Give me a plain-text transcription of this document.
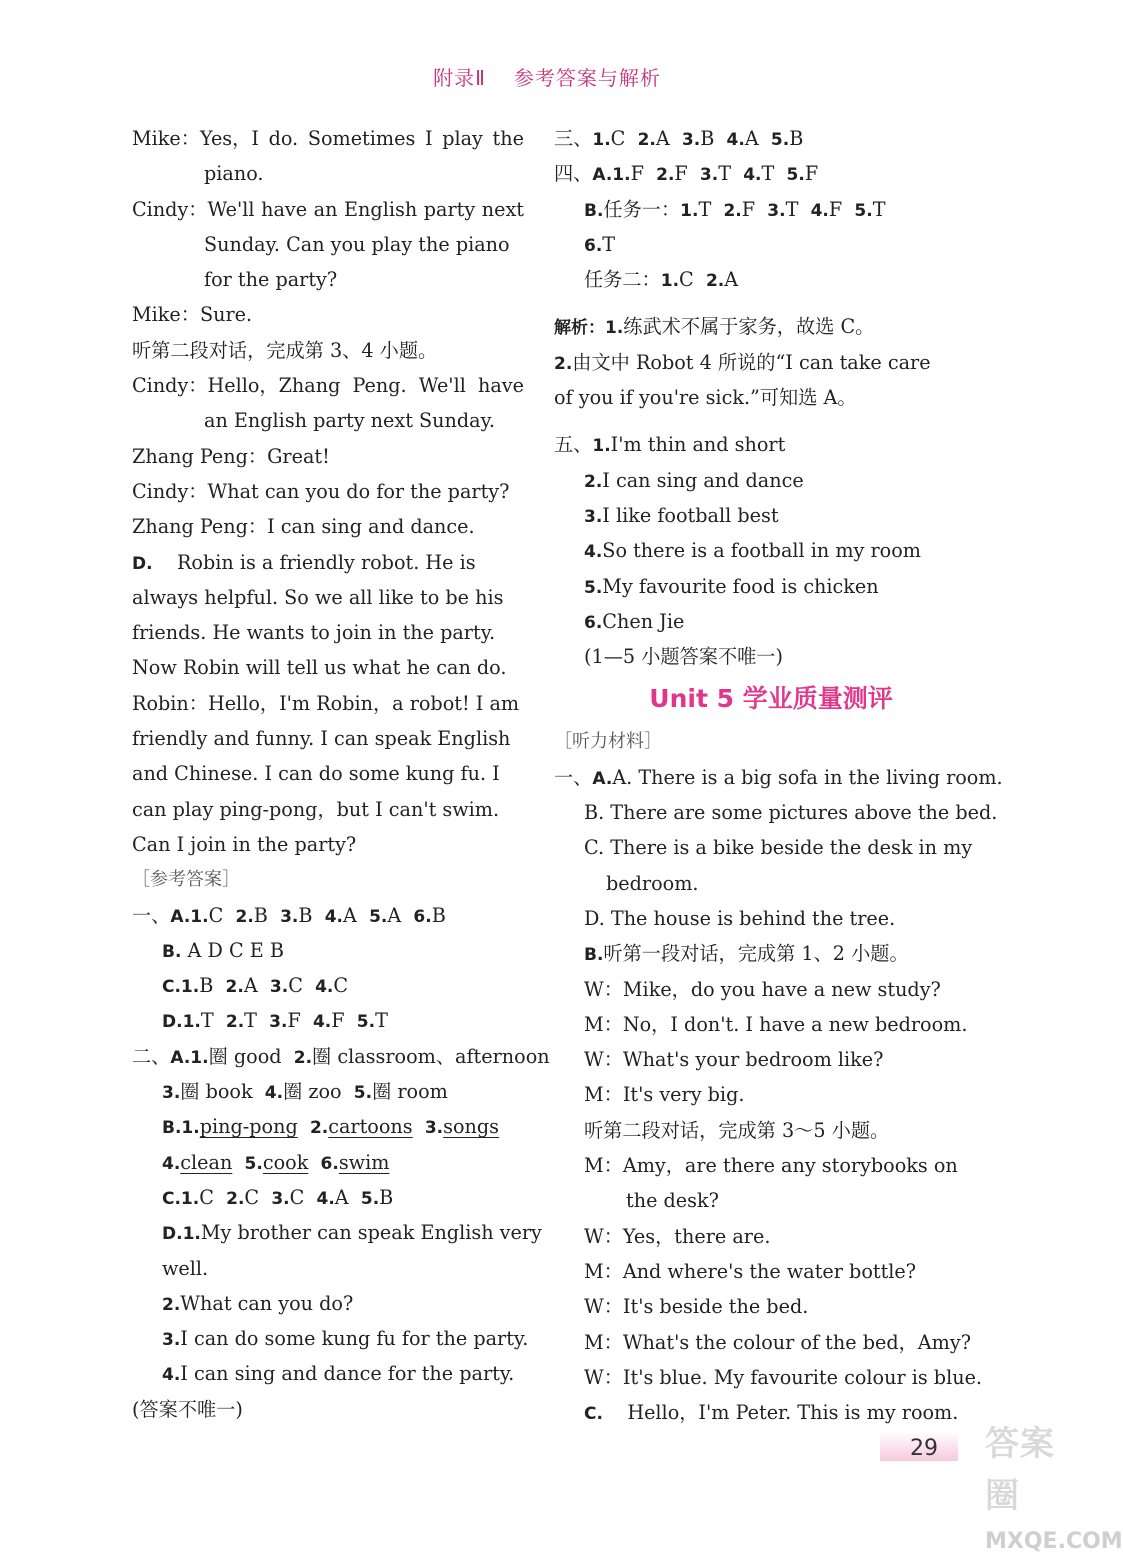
附录Ⅱ 参考答案与解析
Mike：Yes，I do. Sometimes I play the
piano.
Cindy：We'll have an English party next
Sunday. Can you play the piano
for the party?
Mike：Sure.
听第二段对话，完成第 3、4 小题。
Cindy：Hello，Zhang Peng. We'll have
an English party next Sunday.
Zhang Peng：Great!
Cindy：What can you do for the party?
Zhang Peng：I can sing and dance.
D.    Robin is a friendly robot. He is
always helpful. So we all like to be his
friends. He wants to join in the party.
Now Robin will tell us what he can do.
Robin：Hello，I'm Robin，a robot! I am
friendly and funny. I can speak English
and Chinese. I can do some kung fu. I
can play ping-pong，but I can't swim.
Can I join in the party?
［参考答案］
一、A.1.C  2.B  3.B  4.A  5.A  6.B
B. A D C E B
C.1.B  2.A  3.C  4.C
D.1.T  2.T  3.F  4.F  5.T
二、A.1.圈 good  2.圈 classroom、afternoon
3.圈 book  4.圈 zoo  5.圈 room
B.1.ping-pong 2.cartoons 3.songs
4.clean 5.cook 6.swim
C.1.C  2.C  3.C  4.A  5.B
D.1.My brother can speak English very
well.
2.What can you do?
3.I can do some kung fu for the party.
4.I can sing and dance for the party.
(答案不唯一)
三、1.C  2.A  3.B  4.A  5.B
四、A.1.F  2.F  3.T  4.T  5.F
B.任务一：1.T  2.F  3.T  4.F  5.T
6.T
任务二：1.C  2.A
解析：1.练武术不属于家务，故选 C。
2.由文中 Robot 4 所说的“I can take care
of you if you're sick.”可知选 A。
五、1.I'm thin and short
2.I can sing and dance
3.I like football best
4.So there is a football in my room
5.My favourite food is chicken
6.Chen Jie
(1—5 小题答案不唯一)
Unit 5 学业质量测评
［听力材料］
一、A.A. There is a big sofa in the living room.
B. There are some pictures above the bed.
C. There is a bike beside the desk in my
bedroom.
D. The house is behind the tree.
B.听第一段对话，完成第 1、2 小题。
W：Mike，do you have a new study?
M：No，I don't. I have a new bedroom.
W：What's your bedroom like?
M：It's very big.
听第二段对话，完成第 3～5 小题。
M：Amy，are there any storybooks on
the desk?
W：Yes，there are.
M：And where's the water bottle?
W：It's beside the bed.
M：What's the colour of the bed，Amy?
W：It's blue. My favourite colour is blue.
C.    Hello，I'm Peter. This is my room.
29	答案圈
MXQE.COM
